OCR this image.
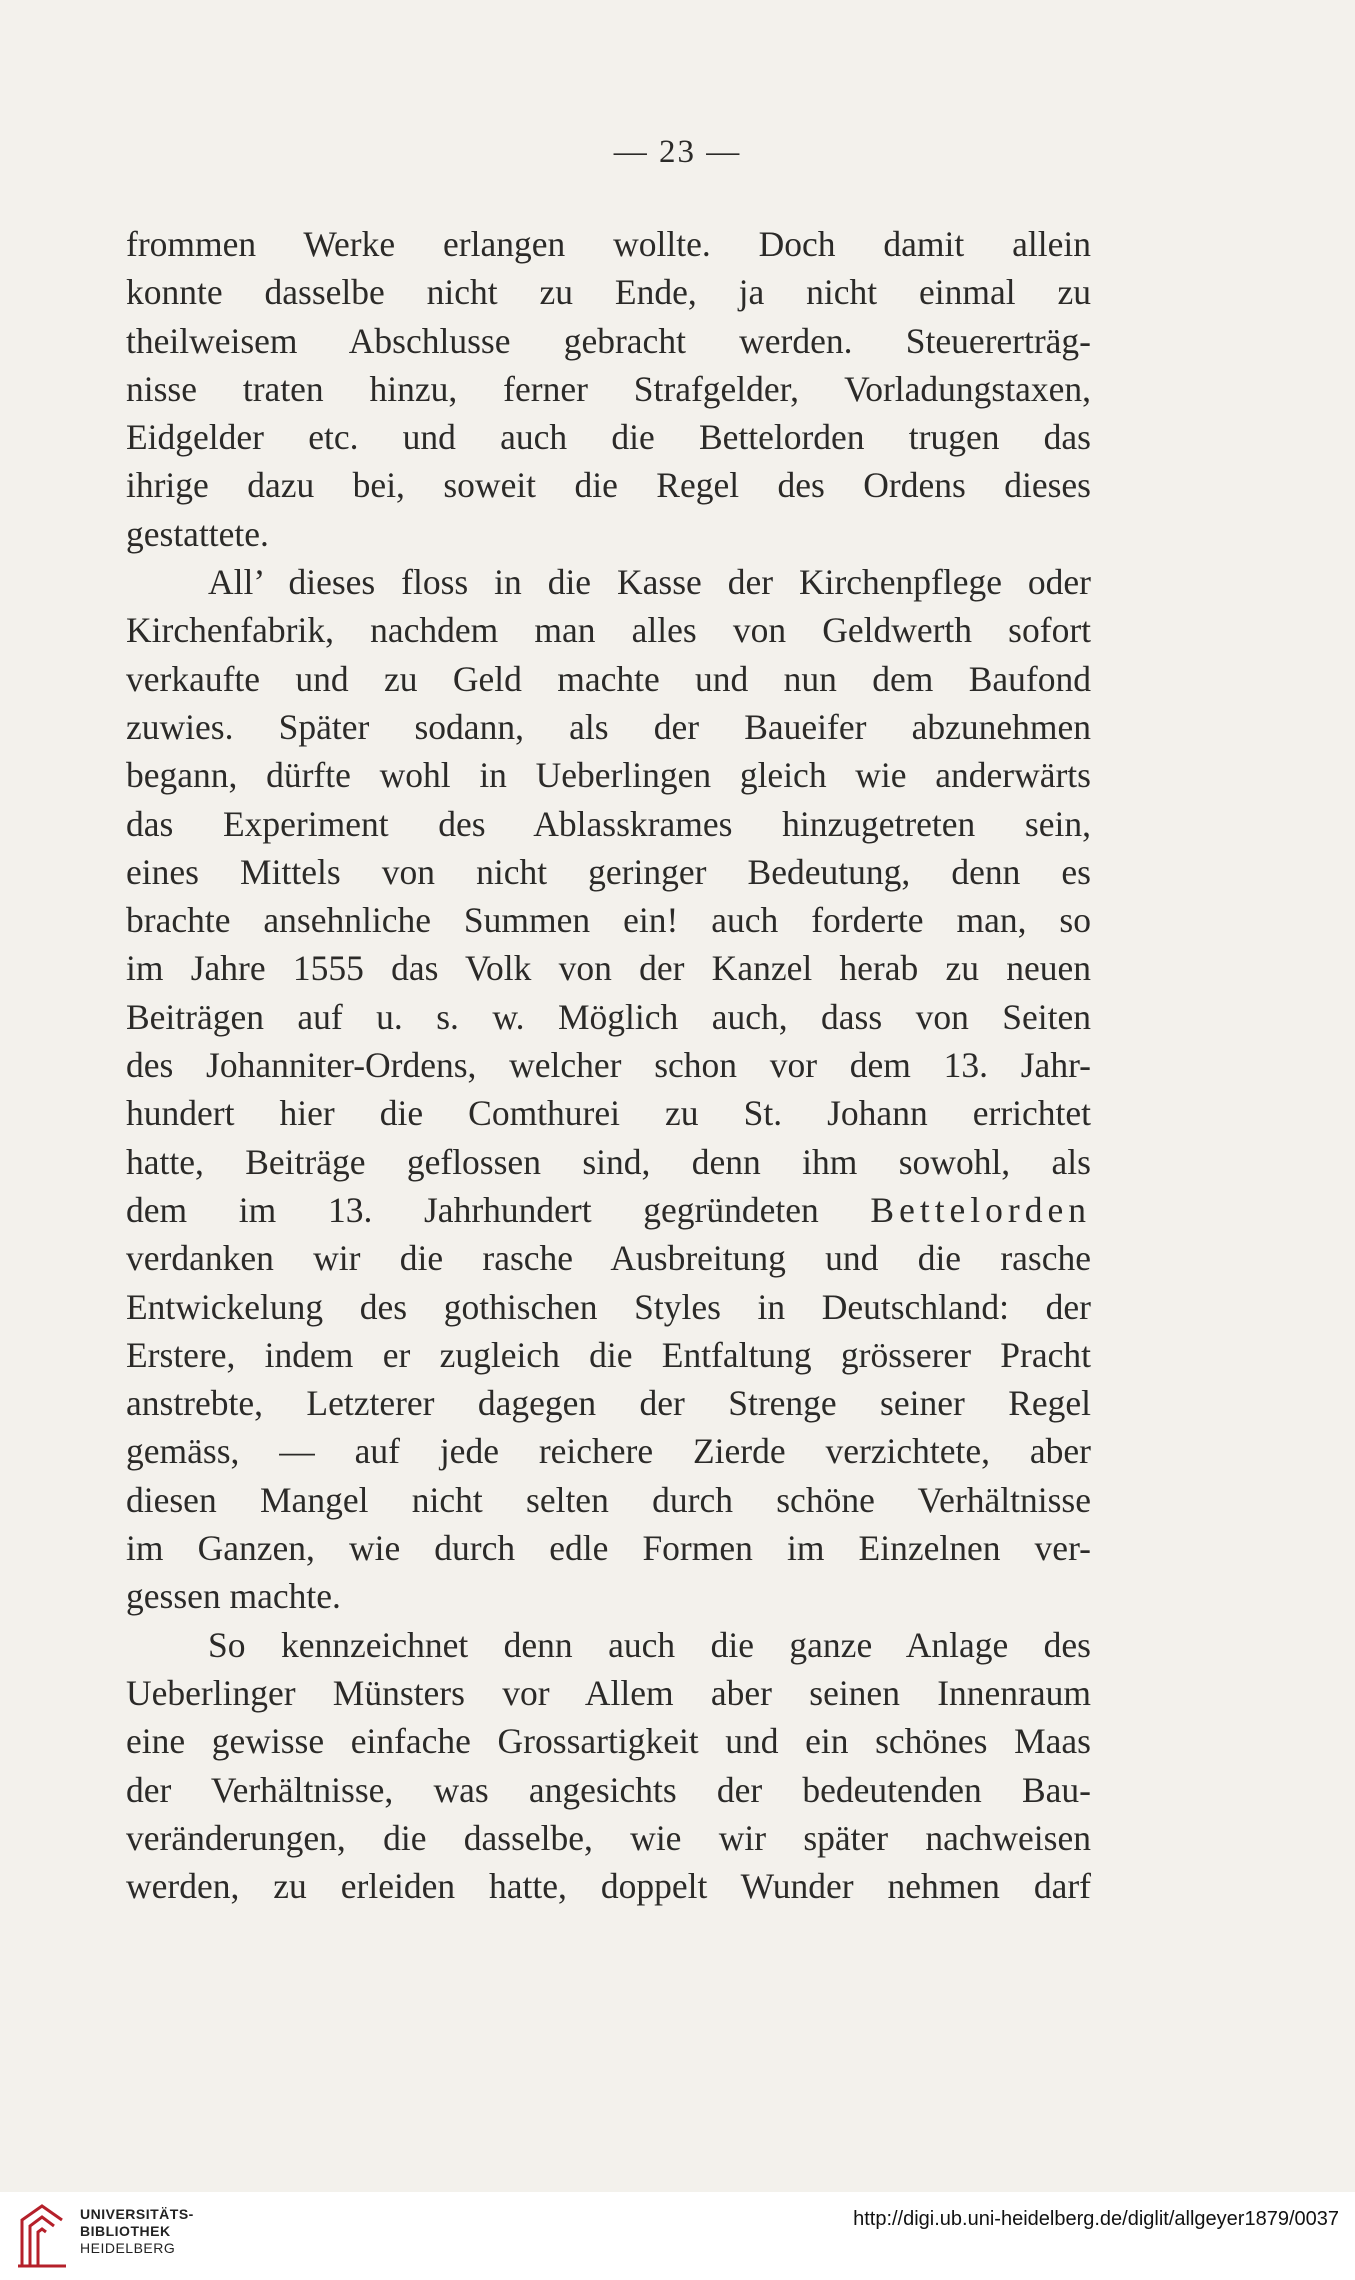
— 23 —
frommen Werke erlangen wollte. Doch damit allein
konnte dasselbe nicht zu Ende, ja nicht einmal zu
theilweisem Abschlusse gebracht werden. Steuererträg-
nisse traten hinzu, ferner Strafgelder, Vorladungstaxen,
Eidgelder etc. und auch die Bettelorden trugen das
ihrige dazu bei, soweit die Regel des Ordens dieses
gestattete.
All’ dieses floss in die Kasse der Kirchenpflege oder
Kirchenfabrik, nachdem man alles von Geldwerth sofort
verkaufte und zu Geld machte und nun dem Baufond
zuwies. Später sodann, als der Baueifer abzunehmen
begann, dürfte wohl in Ueberlingen gleich wie anderwärts
das Experiment des Ablasskrames hinzugetreten sein,
eines Mittels von nicht geringer Bedeutung, denn es
brachte ansehnliche Summen ein! auch forderte man, so
im Jahre 1555 das Volk von der Kanzel herab zu neuen
Beiträgen auf u. s. w. Möglich auch, dass von Seiten
des Johanniter-Ordens, welcher schon vor dem 13. Jahr-
hundert hier die Comthurei zu St. Johann errichtet
hatte, Beiträge geflossen sind, denn ihm sowohl, als
dem im 13. Jahrhundert gegründeten Bettelorden
verdanken wir die rasche Ausbreitung und die rasche
Entwickelung des gothischen Styles in Deutschland: der
Erstere, indem er zugleich die Entfaltung grösserer Pracht
anstrebte, Letzterer dagegen der Strenge seiner Regel
gemäss, — auf jede reichere Zierde verzichtete, aber
diesen Mangel nicht selten durch schöne Verhältnisse
im Ganzen, wie durch edle Formen im Einzelnen ver-
gessen machte.
So kennzeichnet denn auch die ganze Anlage des
Ueberlinger Münsters vor Allem aber seinen Innenraum
eine gewisse einfache Grossartigkeit und ein schönes Maas
der Verhältnisse, was angesichts der bedeutenden Bau-
veränderungen, die dasselbe, wie wir später nachweisen
werden, zu erleiden hatte, doppelt Wunder nehmen darf
UNIVERSITÄTS-
BIBLIOTHEK
HEIDELBERG
http://digi.ub.uni-heidelberg.de/diglit/allgeyer1879/0037
